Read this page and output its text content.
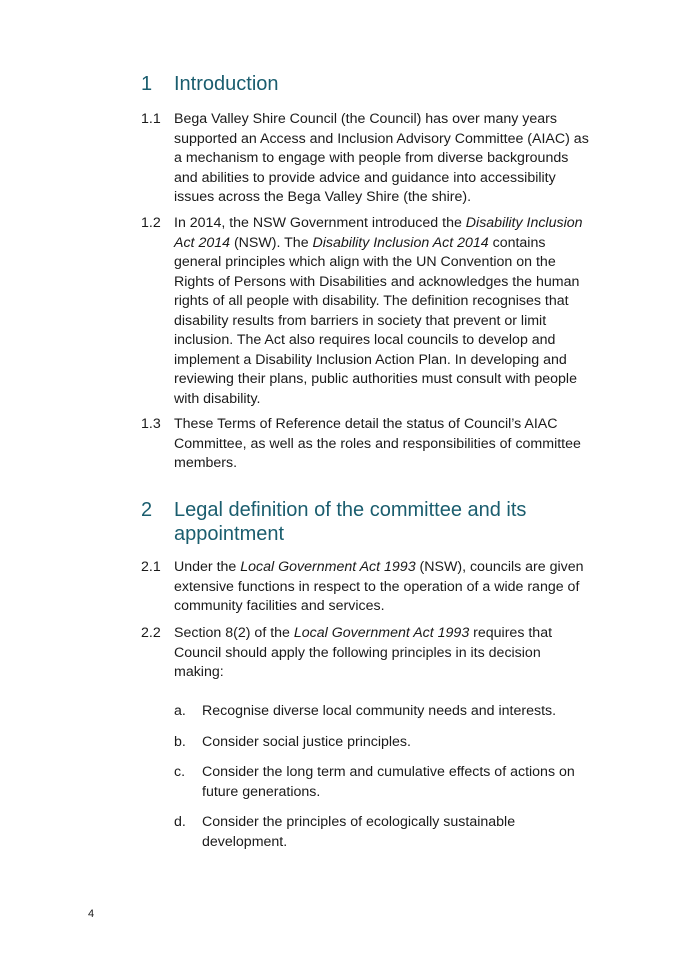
1	Introduction
1.1 Bega Valley Shire Council (the Council) has over many years supported an Access and Inclusion Advisory Committee (AIAC) as a mechanism to engage with people from diverse backgrounds and abilities to provide advice and guidance into accessibility issues across the Bega Valley Shire (the shire).
1.2 In 2014, the NSW Government introduced the Disability Inclusion Act 2014 (NSW). The Disability Inclusion Act 2014 contains general principles which align with the UN Convention on the Rights of Persons with Disabilities and acknowledges the human rights of all people with disability. The definition recognises that disability results from barriers in society that prevent or limit inclusion. The Act also requires local councils to develop and implement a Disability Inclusion Action Plan. In developing and reviewing their plans, public authorities must consult with people with disability.
1.3 These Terms of Reference detail the status of Council’s AIAC Committee, as well as the roles and responsibilities of committee members.
2	Legal definition of the committee and its appointment
2.1 Under the Local Government Act 1993 (NSW), councils are given extensive functions in respect to the operation of a wide range of community facilities and services.
2.2 Section 8(2) of the Local Government Act 1993 requires that Council should apply the following principles in its decision making:
a.	Recognise diverse local community needs and interests.
b.	Consider social justice principles.
c.	Consider the long term and cumulative effects of actions on future generations.
d.	Consider the principles of ecologically sustainable development.
4
